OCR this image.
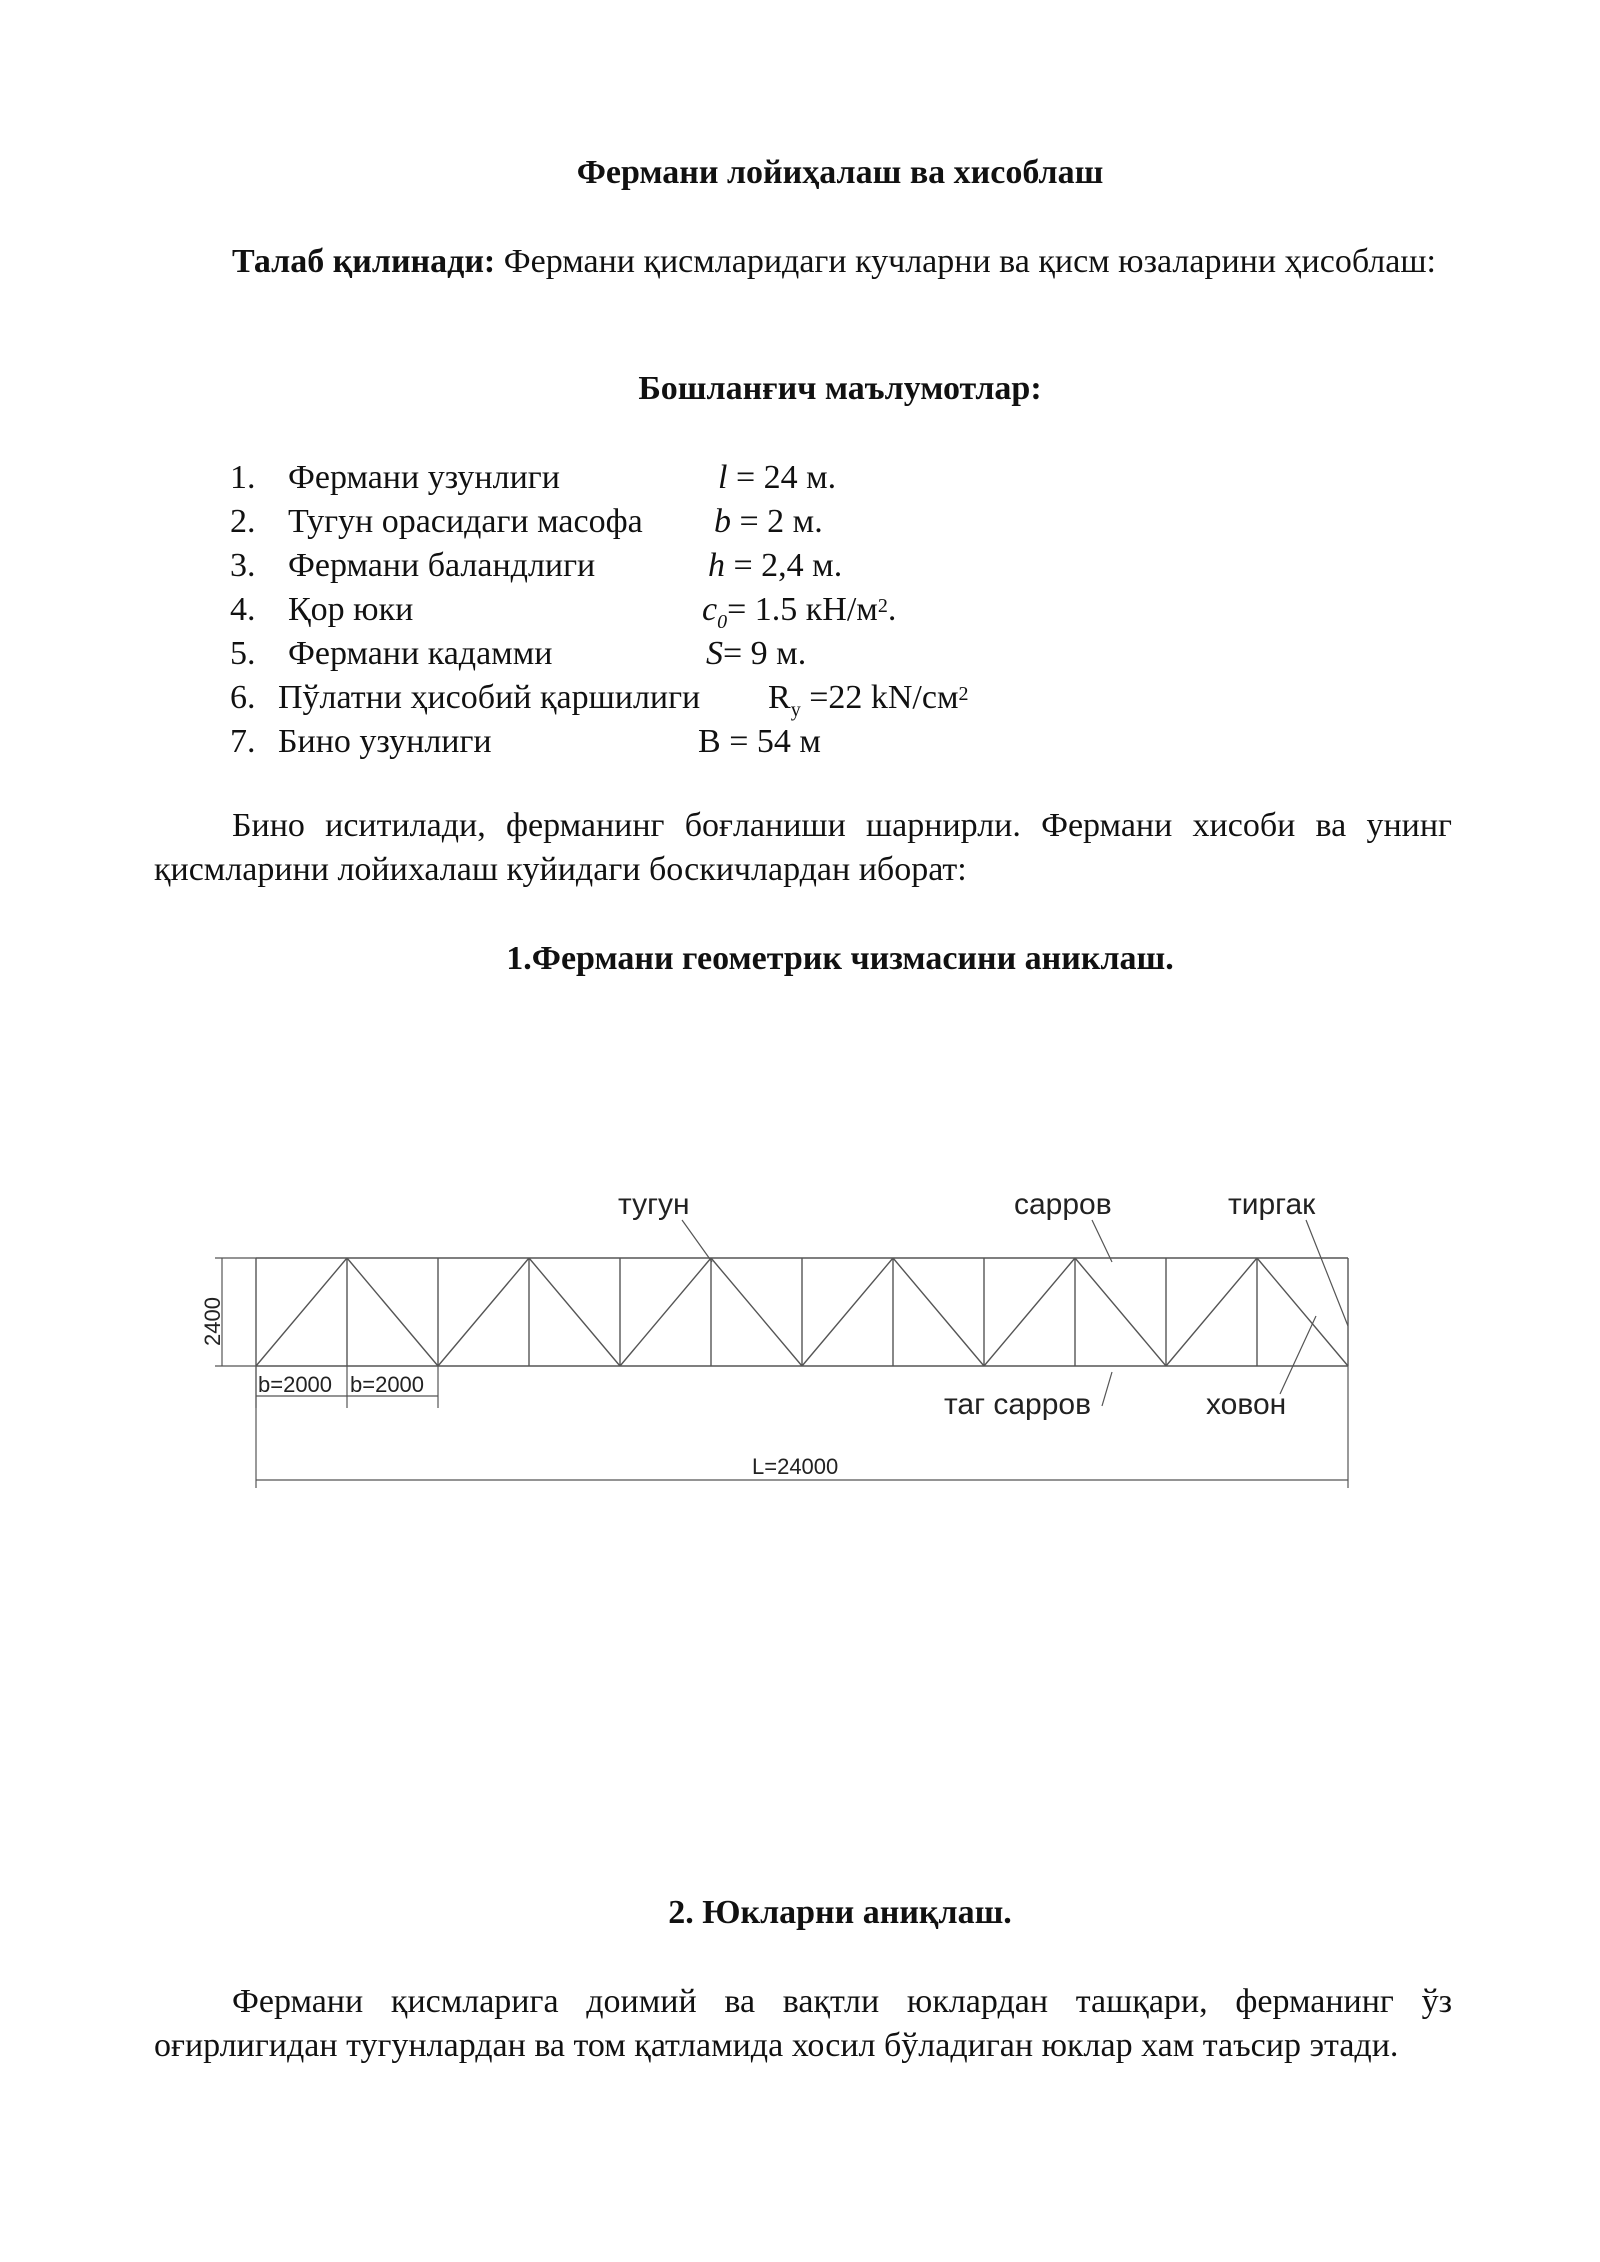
Фермани лойиҳалаш ва хисоблаш
Талаб қилинади: Фермани қисмларидаги кучларни ва қисм юзаларини ҳисоблаш:
Бошланғич маълумотлар:
1. Фермани узунлиги	l = 24 м.
2. Тугун орасидаги масофа b = 2 м.
3. Фермани баландлиги	h = 2,4 м.
4. Қор юки	$c_0= 1.5$ $кН/м^2$.
5. Фермани кадамми	S= 9 м.
6. Пўлатни ҳисобий қаршилиги $R_y =22$ $kN/см^2$
7. Бино узунлиги	B = 54 м
Бино иситилади, ферманинг боғланиши шарнирли. Фермани хисоби ва унинг қисмларини лойихалаш куйидаги боскичлардан иборат:
1.Фермани геометрик чизмасини аниклаш.
тугун	сарров	тиргак
таг сарров	ховон
2400
b=2000 b=2000
L=24000
2. Юкларни аниқлаш.
Фермани қисмларига доимий ва вақтли юклардан ташқари, ферманинг ўз оғирлигидан тугунлардан ва том қатламида хосил бўладиган юклар хам таъсир этади.
